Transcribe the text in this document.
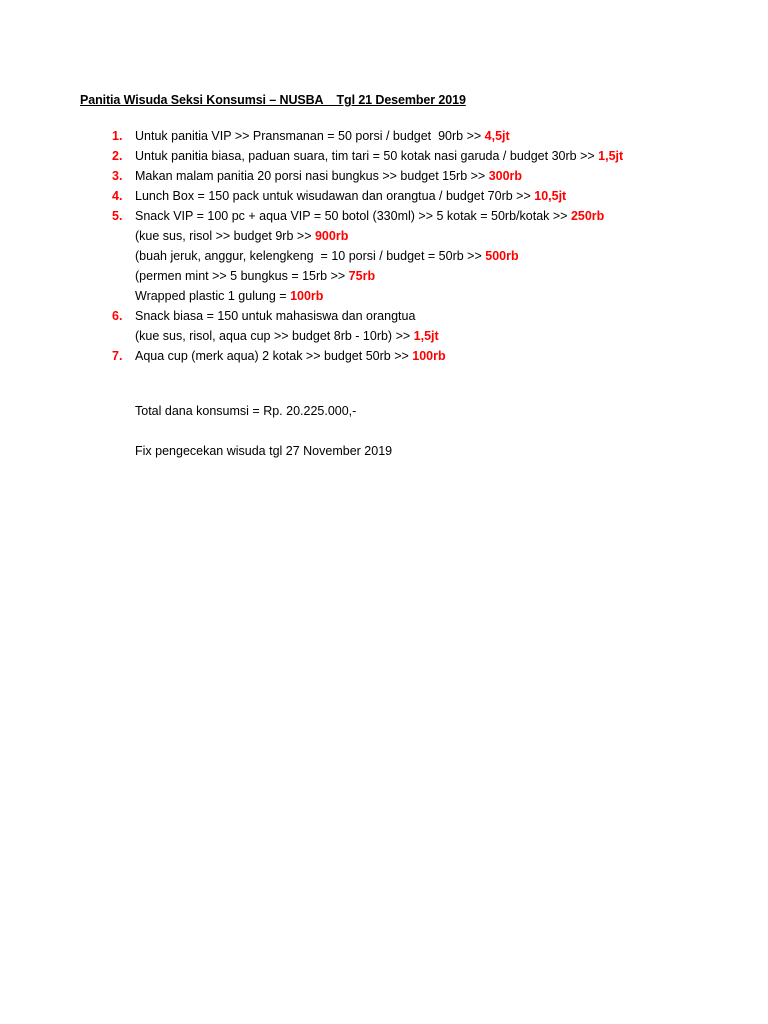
Panitia Wisuda Seksi Konsumsi – NUSBA    Tgl 21 Desember 2019
1.	Untuk panitia VIP >> Pransmanan = 50 porsi / budget  90rb >> 4,5jt
2.	Untuk panitia biasa, paduan suara, tim tari = 50 kotak nasi garuda / budget 30rb >> 1,5jt
3.	Makan malam panitia 20 porsi nasi bungkus >> budget 15rb >> 300rb
4.	Lunch Box = 150 pack untuk wisudawan dan orangtua / budget 70rb >> 10,5jt
5.	Snack VIP = 100 pc + aqua VIP = 50 botol (330ml) >> 5 kotak = 50rb/kotak >> 250rb
(kue sus, risol >> budget 9rb >> 900rb
(buah jeruk, anggur, kelengkeng  = 10 porsi / budget = 50rb >> 500rb
(permen mint >> 5 bungkus = 15rb >> 75rb
Wrapped plastic 1 gulung = 100rb
6.	Snack biasa = 150 untuk mahasiswa dan orangtua
(kue sus, risol, aqua cup >> budget 8rb - 10rb) >> 1,5jt
7.	Aqua cup (merk aqua) 2 kotak >> budget 50rb >> 100rb
Total dana konsumsi = Rp. 20.225.000,-
Fix pengecekan wisuda tgl 27 November 2019
